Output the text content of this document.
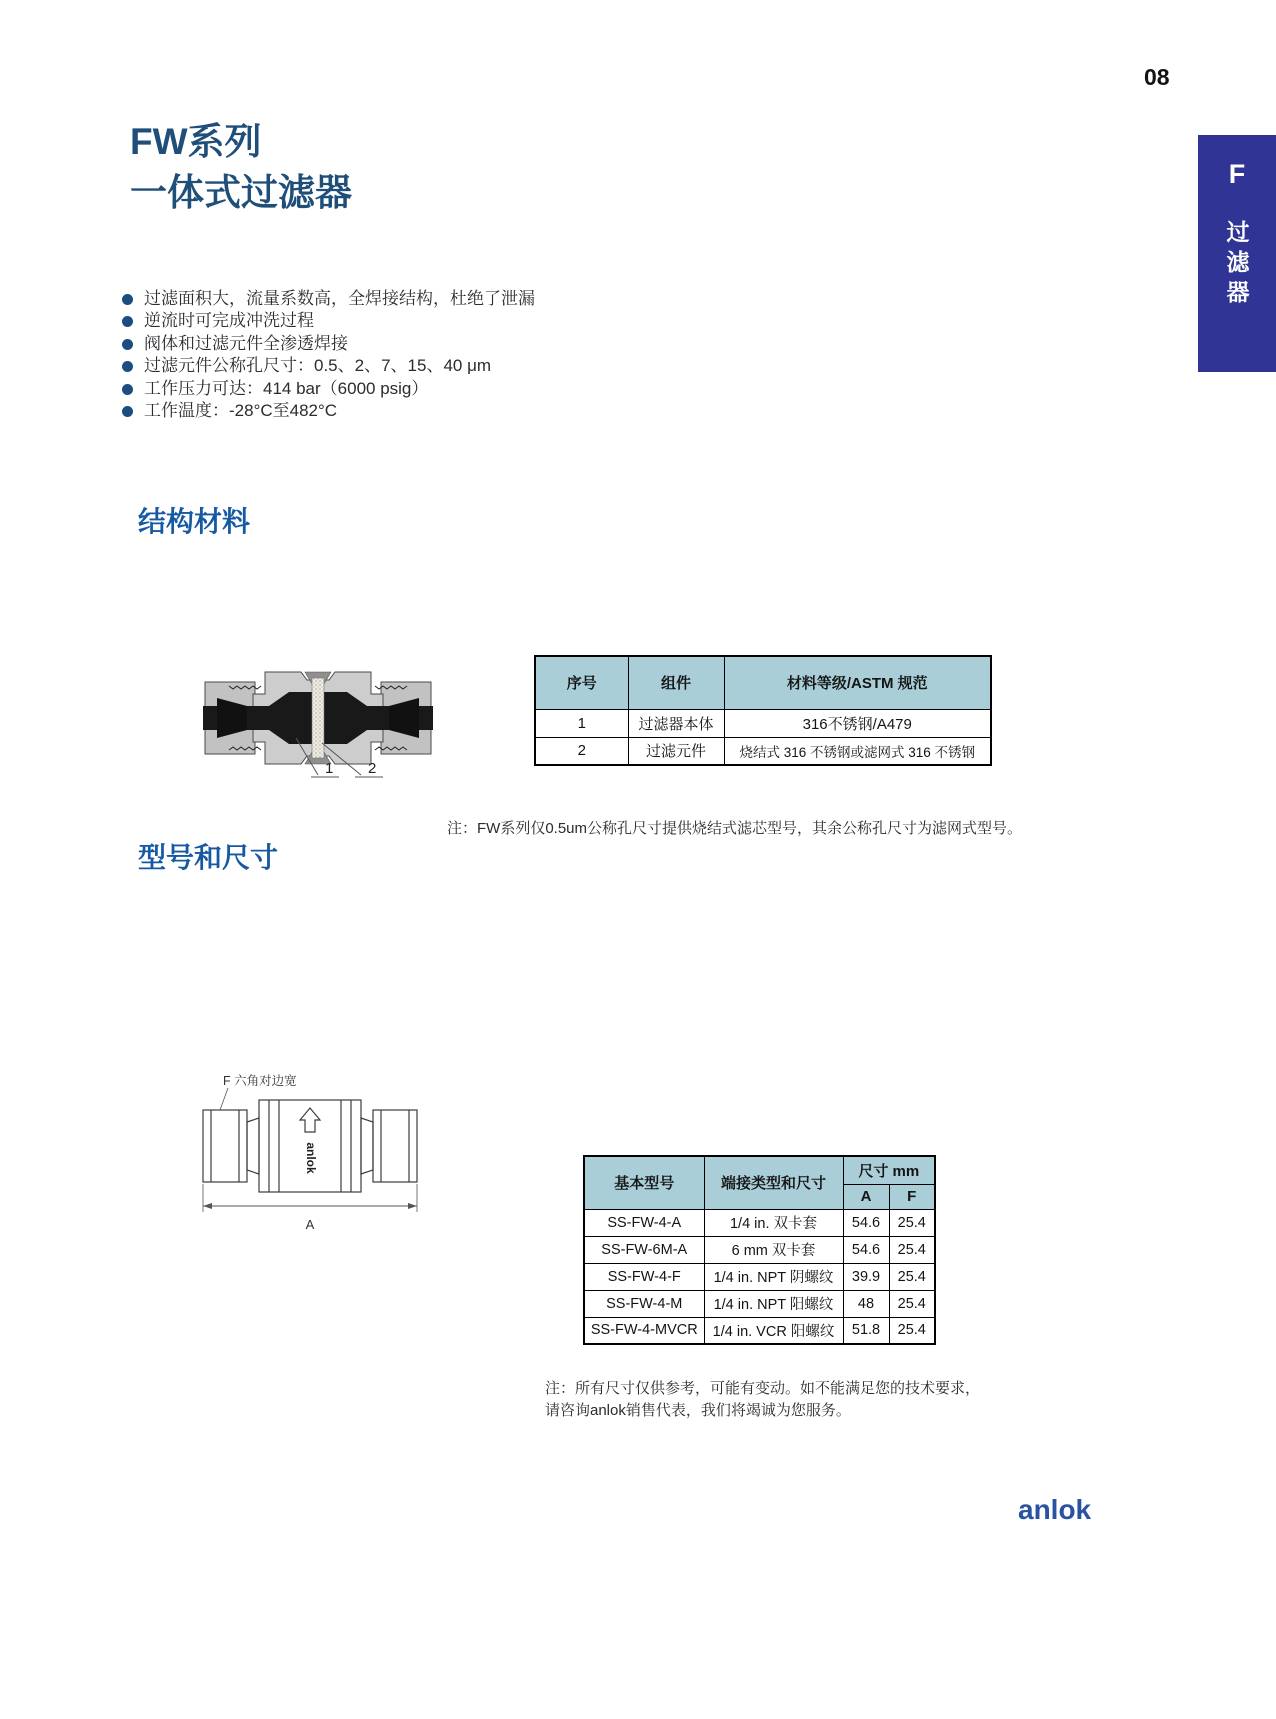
08
F
过滤器
FW系列
一体式过滤器
过滤面积大，流量系数高，全焊接结构，杜绝了泄漏
逆流时可完成冲洗过程
阀体和过滤元件全渗透焊接
过滤元件公称孔尺寸：0.5、2、7、15、40 μm
工作压力可达：414 bar（6000 psig）
工作温度：-28°C至482°C
结构材料
1 2
序号	组件	材料等级/ASTM 规范
1	过滤器本体	316不锈钢/A479
2	过滤元件	烧结式 316 不锈钢或滤网式 316 不锈钢
注：FW系列仅0.5um公称孔尺寸提供烧结式滤芯型号，其余公称孔尺寸为滤网式型号。
型号和尺寸
F 六角对边宽
anlok
A
基本型号	端接类型和尺寸	尺寸 mm	
		A	F
SS-FW-4-A	1/4 in. 双卡套	54.6	25.4
SS-FW-6M-A	6 mm 双卡套	54.6	25.4
SS-FW-4-F	1/4 in. NPT 阴螺纹	39.9	25.4
SS-FW-4-M	1/4 in. NPT 阳螺纹	48	25.4
SS-FW-4-MVCR	1/4 in. VCR 阳螺纹	51.8	25.4
注：所有尺寸仅供参考，可能有变动。如不能满足您的技术要求，
请咨询anlok销售代表，我们将竭诚为您服务。
anlok
